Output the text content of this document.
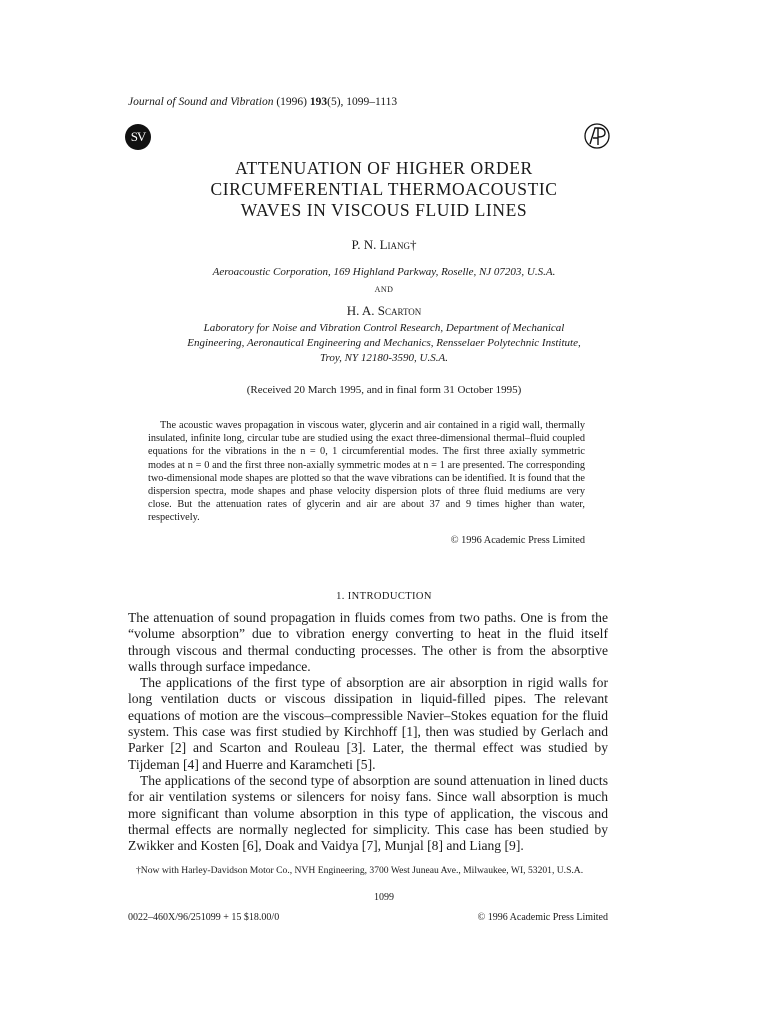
Journal of Sound and Vibration (1996) 193(5), 1099–1113
SV
ATTENUATION OF HIGHER ORDER
CIRCUMFERENTIAL THERMOACOUSTIC
WAVES IN VISCOUS FLUID LINES
P. N. Liang†
Aeroacoustic Corporation, 169 Highland Parkway, Roselle, NJ 07203, U.S.A.
AND
H. A. Scarton
Laboratory for Noise and Vibration Control Research, Department of Mechanical
Engineering, Aeronautical Engineering and Mechanics, Rensselaer Polytechnic Institute,
Troy, NY 12180-3590, U.S.A.
(Received 20 March 1995, and in final form 31 October 1995)
The acoustic waves propagation in viscous water, glycerin and air contained in a rigid wall, thermally insulated, infinite long, circular tube are studied using the exact three-dimensional thermal–fluid coupled equations for the vibrations in the n = 0, 1 circumferential modes. The first three axially symmetric modes at n = 0 and the first three non-axially symmetric modes at n = 1 are presented. The corresponding two-dimensional mode shapes are plotted so that the wave vibrations can be identified. It is found that the dispersion spectra, mode shapes and phase velocity dispersion plots of three fluid mediums are very close. But the attenuation rates of glycerin and air are about 37 and 9 times higher than water, respectively.
© 1996 Academic Press Limited
1. INTRODUCTION

The attenuation of sound propagation in fluids comes from two paths. One is from the “volume absorption” due to vibration energy converting to heat in the fluid itself through viscous and thermal conducting processes. The other is from the absorptive walls through surface impedance.

The applications of the first type of absorption are air absorption in rigid walls for long ventilation ducts or viscous dissipation in liquid-filled pipes. The relevant equations of motion are the viscous–compressible Navier–Stokes equation for the fluid system. This case was first studied by Kirchhoff [1], then was studied by Gerlach and Parker [2] and Scarton and Rouleau [3]. Later, the thermal effect was studied by Tijdeman [4] and Huerre and Karamcheti [5].

The applications of the second type of absorption are sound attenuation in lined ducts for air ventilation systems or silencers for noisy fans. Since wall absorption is much more significant than volume absorption in this type of application, the viscous and thermal effects are normally neglected for simplicity. This case has been studied by Zwikker and Kosten [6], Doak and Vaidya [7], Munjal [8] and Liang [9].

†Now with Harley-Davidson Motor Co., NVH Engineering, 3700 West Juneau Ave., Milwaukee, WI, 53201, U.S.A.
1099
0022–460X/96/251099 + 15 $18.00/0	© 1996 Academic Press Limited
